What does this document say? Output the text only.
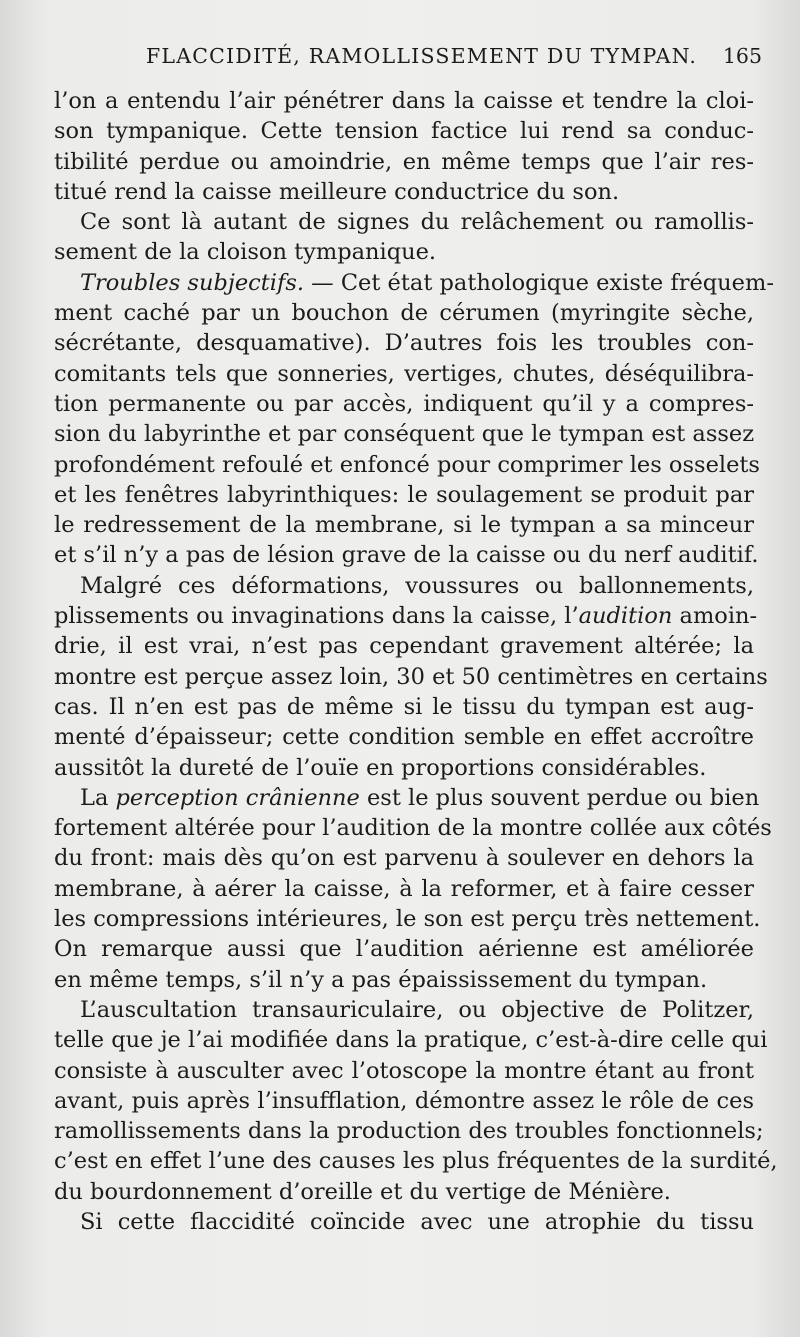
FLACCIDITÉ, RAMOLLISSEMENT DU TYMPAN. 165
l’on a entendu l’air pénétrer dans la caisse et tendre la cloi-
son tympanique. Cette tension factice lui rend sa conduc-
tibilité perdue ou amoindrie, en même temps que l’air res-
titué rend la caisse meilleure conductrice du son.
Ce sont là autant de signes du relâchement ou ramollis-
sement de la cloison tympanique.
Troubles subjectifs. — Cet état pathologique existe fréquem-
ment caché par un bouchon de cérumen (myringite sèche,
sécrétante, desquamative). D’autres fois les troubles con-
comitants tels que sonneries, vertiges, chutes, déséquilibra-
tion permanente ou par accès, indiquent qu’il y a compres-
sion du labyrinthe et par conséquent que le tympan est assez
profondément refoulé et enfoncé pour comprimer les osselets
et les fenêtres labyrinthiques: le soulagement se produit par
le redressement de la membrane, si le tympan a sa minceur
et s’il n’y a pas de lésion grave de la caisse ou du nerf auditif.
Malgré ces déformations, voussures ou ballonnements,
plissements ou invaginations dans la caisse, l’audition amoin-
drie, il est vrai, n’est pas cependant gravement altérée; la
montre est perçue assez loin, 30 et 50 centimètres en certains
cas. Il n’en est pas de même si le tissu du tympan est aug-
menté d’épaisseur; cette condition semble en effet accroître
aussitôt la dureté de l’ouïe en proportions considérables.
La perception crânienne est le plus souvent perdue ou bien
fortement altérée pour l’audition de la montre collée aux côtés
du front: mais dès qu’on est parvenu à soulever en dehors la
membrane, à aérer la caisse, à la reformer, et à faire cesser
les compressions intérieures, le son est perçu très nettement.
On remarque aussi que l’audition aérienne est améliorée
en même temps, s’il n’y a pas épaississement du tympan.
L’auscultation transauriculaire, ou objective de Politzer,
telle que je l’ai modifiée dans la pratique, c’est-à-dire celle qui
consiste à ausculter avec l’otoscope la montre étant au front
avant, puis après l’insufflation, démontre assez le rôle de ces
ramollissements dans la production des troubles fonctionnels;
c’est en effet l’une des causes les plus fréquentes de la surdité,
du bourdonnement d’oreille et du vertige de Ménière.
Si cette flaccidité coïncide avec une atrophie du tissu
